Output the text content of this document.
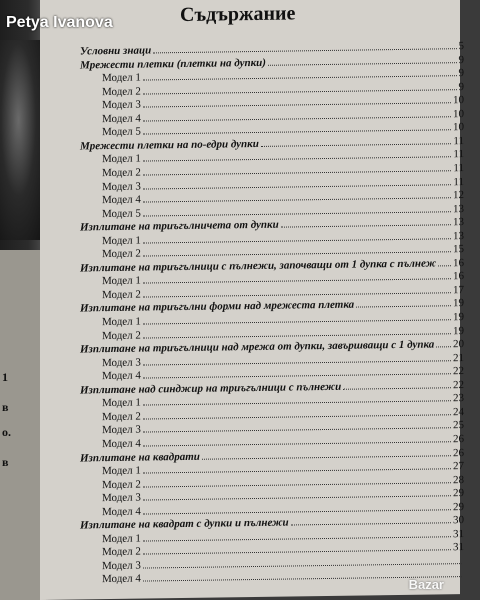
1
в
о.
в
Съдържание
Условни знаци	5
Мрежести плетки (плетки на дупки)	9
Модел 1	9
Модел 2	9
Модел 3	10
Модел 4	10
Модел 5	10
Мрежести плетки на по-едри дупки	11
Модел 1	11
Модел 2	11
Модел 3	11
Модел 4	12
Модел 5	13
Изплитане на триъгълничета от дупки	13
Модел 1	13
Модел 2	15
Изплитане на триъгълници с пълнежи, започващи от 1 дупка с пълнеж 16
Модел 1	16
Модел 2	17
Изплитане на триъгълни форми над мрежеста плетка	19
Модел 1	19
Модел 2	19
Изплитане на триъгълници над мрежа от дупки, завършващи с 1 дупка 20
Модел 3	21
Модел 4	22
Изплитане над синджир на триъгълници с пълнежи	22
Модел 1	23
Модел 2	24
Модел 3	25
Модел 4	26
Изплитане на квадрати	26
Модел 1	27
Модел 2	28
Модел 3	29
Модел 4	29
Изплитане на квадрат с дупки и пълнежи	30
Модел 1	31
Модел 2	31
Модел 3
Модел 4
Petya Ivanova
Bazar
